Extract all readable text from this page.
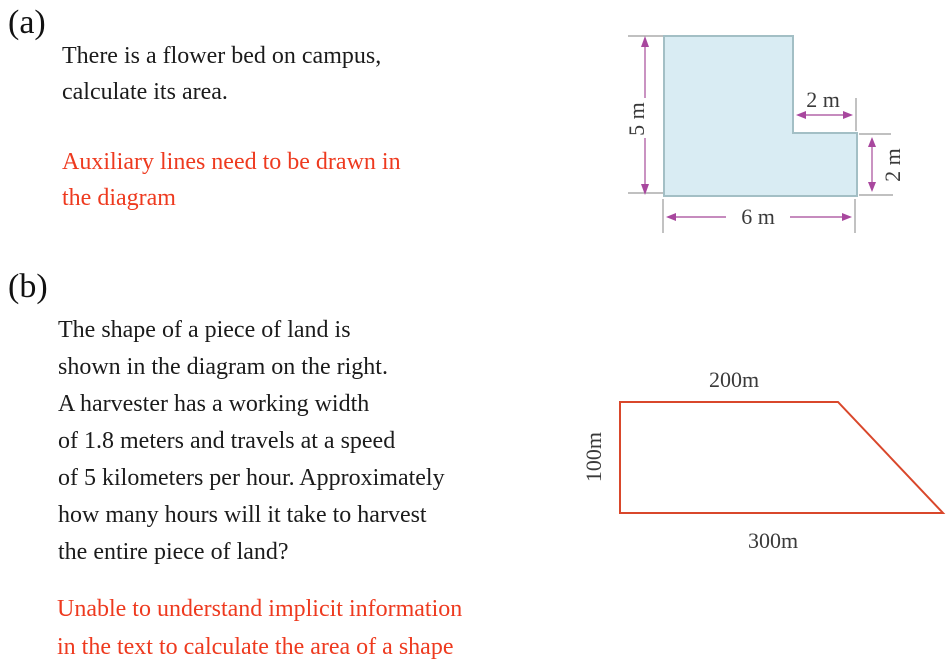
(a)
There is a flower bed on campus,
calculate its area.
Auxiliary lines need to be drawn in
the diagram
5 m
2 m
2 m
6 m
(b)
The shape of a piece of land is
shown in the diagram on the right.
A harvester has a working width
of 1.8 meters and travels at a speed
of 5 kilometers per hour. Approximately
how many hours will it take to harvest
the entire piece of land?
Unable to understand implicit information
in the text to calculate the area of a shape
200m
100m
300m
